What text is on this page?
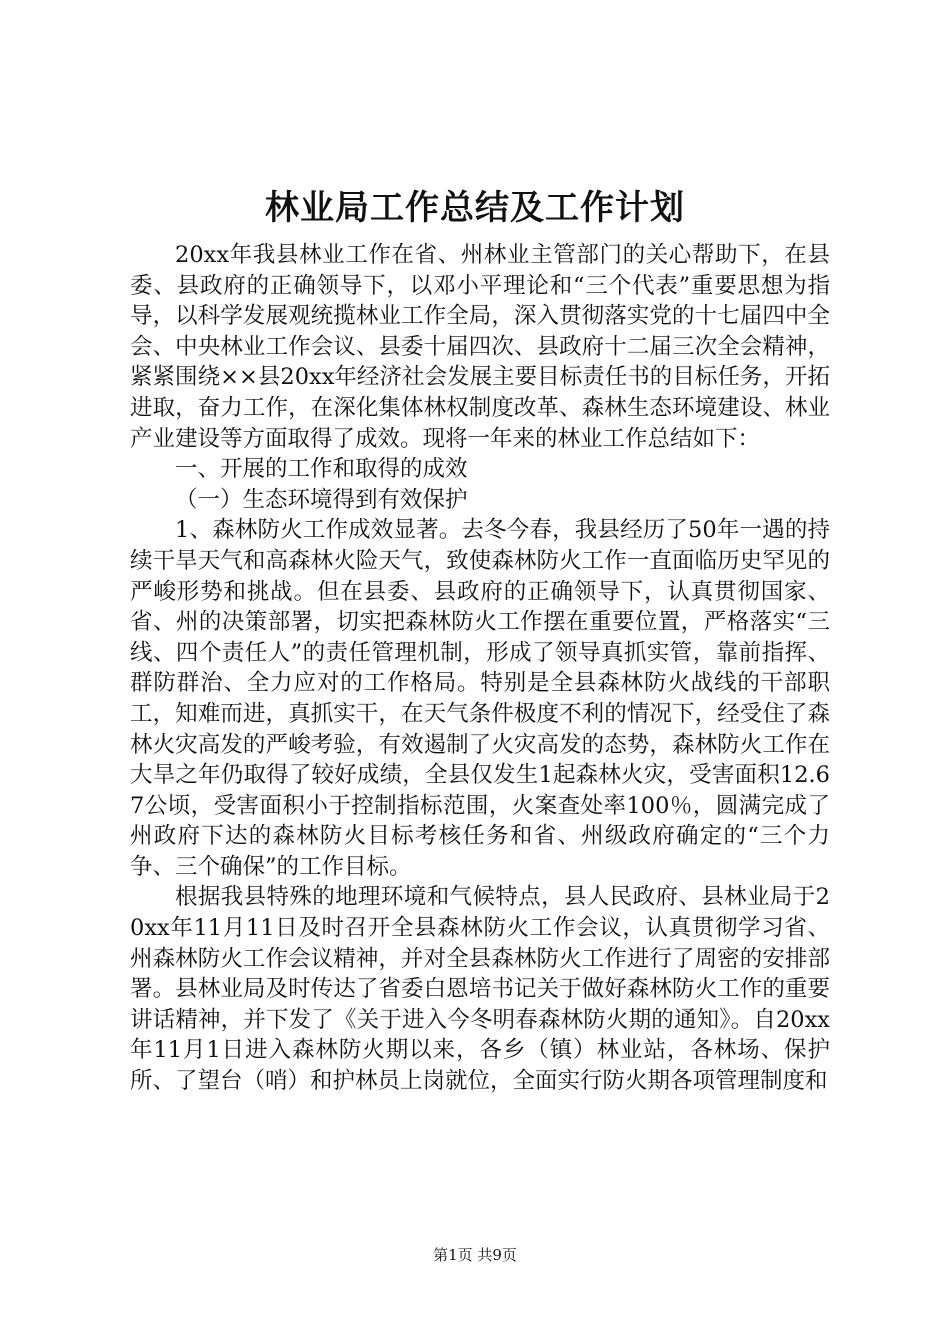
林业局工作总结及工作计划

20xx年我县林业工作在省、州林业主管部门的关心帮助下，在县委、县政府的正确领导下，以邓小平理论和“三个代表”重要思想为指导，以科学发展观统揽林业工作全局，深入贯彻落实党的十七届四中全会、中央林业工作会议、县委十届四次、县政府十二届三次全会精神，紧紧围绕××县20xx年经济社会发展主要目标责任书的目标任务，开拓进取，奋力工作，在深化集体林权制度改革、森林生态环境建设、林业产业建设等方面取得了成效。现将一年来的林业工作总结如下：

一、开展的工作和取得的成效

（一）生态环境得到有效保护

1、森林防火工作成效显著。去冬今春，我县经历了50年一遇的持续干旱天气和高森林火险天气，致使森林防火工作一直面临历史罕见的严峻形势和挑战。但在县委、县政府的正确领导下，认真贯彻国家、省、州的决策部署，切实把森林防火工作摆在重要位置，严格落实“三线、四个责任人”的责任管理机制，形成了领导真抓实管，靠前指挥、群防群治、全力应对的工作格局。特别是全县森林防火战线的干部职工，知难而进，真抓实干，在天气条件极度不利的情况下，经受住了森林火灾高发的严峻考验，有效遏制了火灾高发的态势，森林防火工作在大旱之年仍取得了较好成绩，全县仅发生1起森林火灾，受害面积12.67公顷，受害面积小于控制指标范围，火案查处率100％，圆满完成了州政府下达的森林防火目标考核任务和省、州级政府确定的“三个力争、三个确保”的工作目标。

根据我县特殊的地理环境和气候特点，县人民政府、县林业局于20xx年11月11日及时召开全县森林防火工作会议，认真贯彻学习省、州森林防火工作会议精神，并对全县森林防火工作进行了周密的安排部署。县林业局及时传达了省委白恩培书记关于做好森林防火工作的重要讲话精神，并下发了《关于进入今冬明春森林防火期的通知》。自20xx年11月1日进入森林防火期以来，各乡（镇）林业站，各林场、保护所、了望台（哨）和护林员上岗就位，全面实行防火期各项管理制度和

第1页 共9页
